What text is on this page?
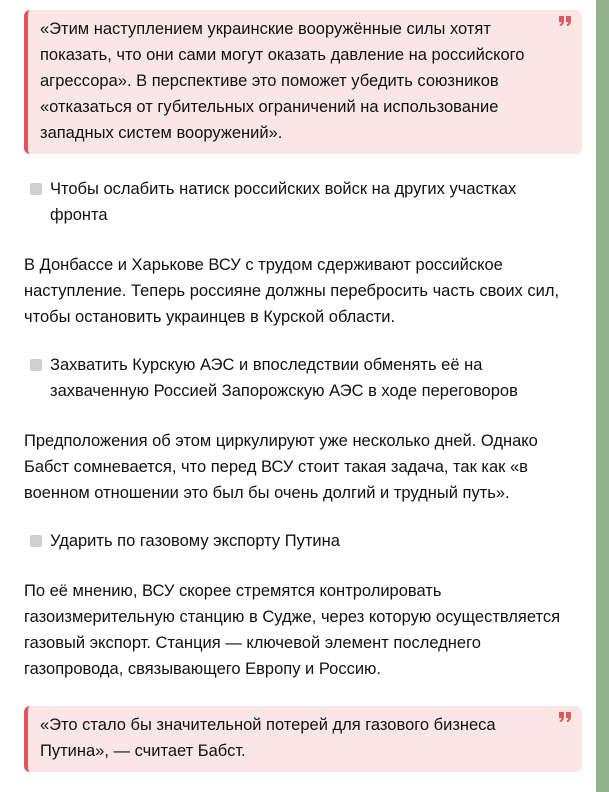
«Этим наступлением украинские вооружённые силы хотят показать, что они сами могут оказать давление на российского агрессора». В перспективе это поможет убедить союзников «отказаться от губительных ограничений на использование западных систем вооружений».
Чтобы ослабить натиск российских войск на других участках фронта
В Донбассе и Харькове ВСУ с трудом сдерживают российское наступление. Теперь россияне должны перебросить часть своих сил, чтобы остановить украинцев в Курской области.
Захватить Курскую АЭС и впоследствии обменять её на захваченную Россией Запорожскую АЭС в ходе переговоров
Предположения об этом циркулируют уже несколько дней. Однако Бабст сомневается, что перед ВСУ стоит такая задача, так как «в военном отношении это был бы очень долгий и трудный путь».
Ударить по газовому экспорту Путина
По её мнению, ВСУ скорее стремятся контролировать газоизмерительную станцию в Судже, через которую осуществляется газовый экспорт. Станция — ключевой элемент последнего газопровода, связывающего Европу и Россию.
«Это стало бы значительной потерей для газового бизнеса Путина», — считает Бабст.
